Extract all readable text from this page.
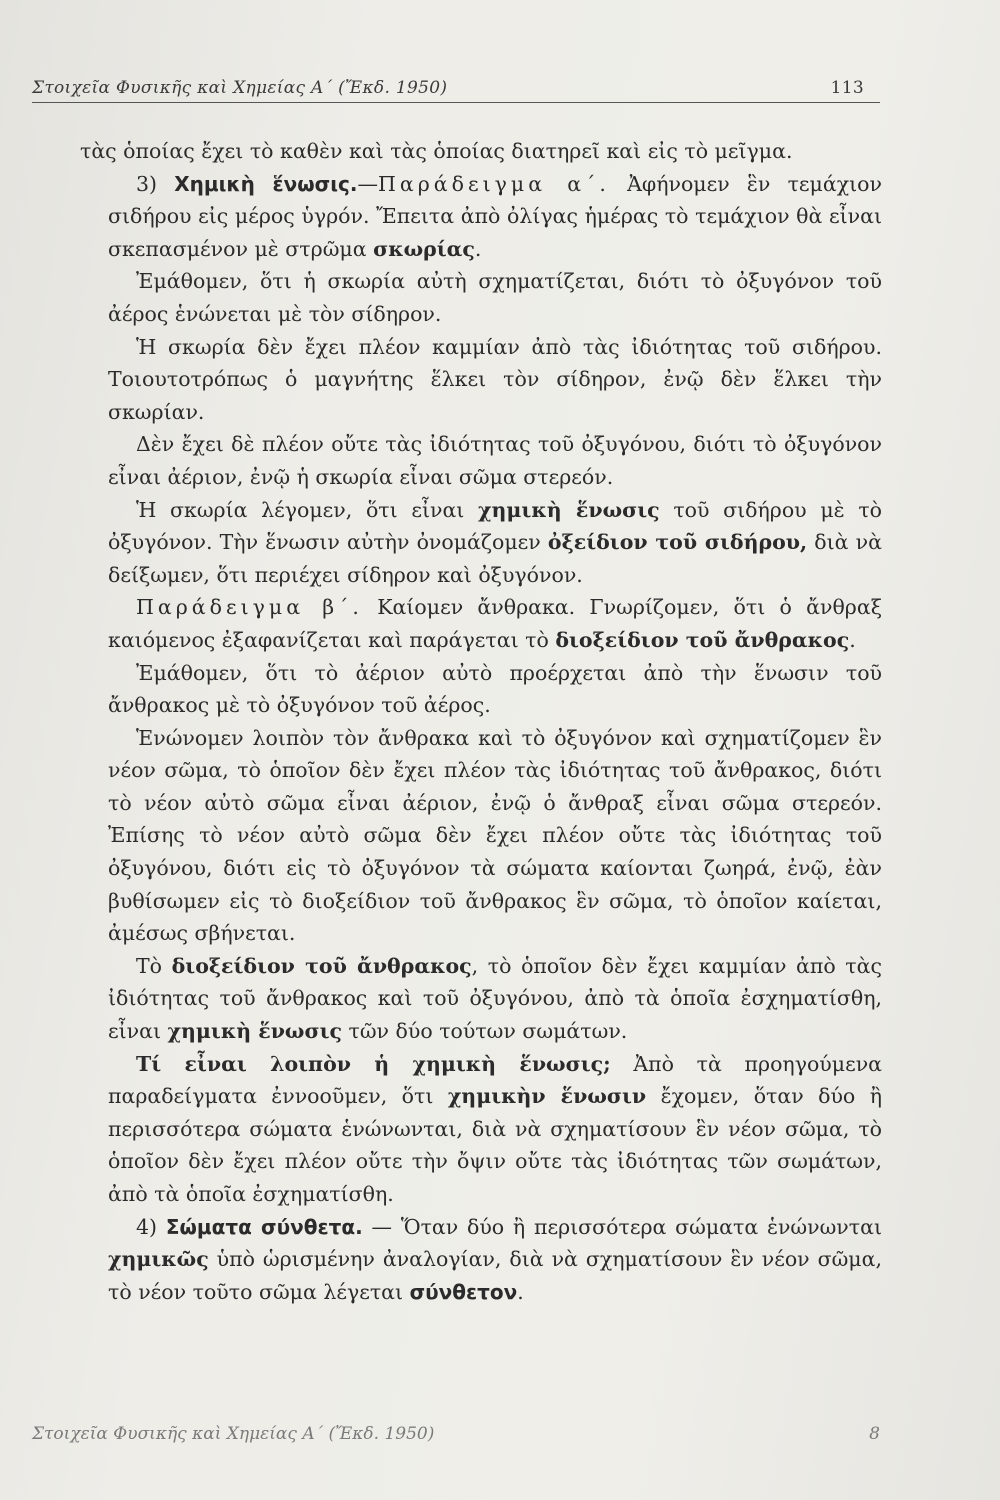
Στοιχεῖα Φυσικῆς καὶ Χημείας Α΄ (Ἔκδ. 1950)	113

τὰς ὁποίας ἔχει τὸ καθὲν καὶ τὰς ὁποίας διατηρεῖ καὶ εἰς τὸ μεῖγμα.

3) Χημικὴ ἕνωσις.—Παράδειγμα α΄. Ἀφήνομεν ἓν τεμάχιον σιδήρου εἰς μέρος ὑγρόν. Ἔπειτα ἀπὸ ὀλίγας ἡμέρας τὸ τεμάχιον θὰ εἶναι σκεπασμένον μὲ στρῶμα σκωρίας.

Ἐμάθομεν, ὅτι ἡ σκωρία αὐτὴ σχηματίζεται, διότι τὸ ὀξυγόνον τοῦ ἀέρος ἑνώνεται μὲ τὸν σίδηρον.

Ἡ σκωρία δὲν ἔχει πλέον καμμίαν ἀπὸ τὰς ἰδιότητας τοῦ σιδήρου. Τοιουτοτρόπως ὁ μαγνήτης ἕλκει τὸν σίδηρον, ἐνῷ δὲν ἕλκει τὴν σκωρίαν.

Δὲν ἔχει δὲ πλέον οὔτε τὰς ἰδιότητας τοῦ ὀξυγόνου, διότι τὸ ὀξυγόνον εἶναι ἀέριον, ἐνῷ ἡ σκωρία εἶναι σῶμα στερεόν.

Ἡ σκωρία λέγομεν, ὅτι εἶναι χημικὴ ἕνωσις τοῦ σιδήρου μὲ τὸ ὀξυγόνον. Τὴν ἕνωσιν αὐτὴν ὀνομάζομεν ὀξείδιον τοῦ σιδήρου, διὰ νὰ δείξωμεν, ὅτι περιέχει σίδηρον καὶ ὀξυγόνον.

Παράδειγμα β΄. Καίομεν ἄνθρακα. Γνωρίζομεν, ὅτι ὁ ἄνθραξ καιόμενος ἐξαφανίζεται καὶ παράγεται τὸ διοξείδιον τοῦ ἄνθρακος.

Ἐμάθομεν, ὅτι τὸ ἀέριον αὐτὸ προέρχεται ἀπὸ τὴν ἕνωσιν τοῦ ἄνθρακος μὲ τὸ ὀξυγόνον τοῦ ἀέρος.

Ἑνώνομεν λοιπὸν τὸν ἄνθρακα καὶ τὸ ὀξυγόνον καὶ σχηματίζομεν ἓν νέον σῶμα, τὸ ὁποῖον δὲν ἔχει πλέον τὰς ἰδιότητας τοῦ ἄνθρακος, διότι τὸ νέον αὐτὸ σῶμα εἶναι ἀέριον, ἐνῷ ὁ ἄνθραξ εἶναι σῶμα στερεόν. Ἐπίσης τὸ νέον αὐτὸ σῶμα δὲν ἔχει πλέον οὔτε τὰς ἰδιότητας τοῦ ὀξυγόνου, διότι εἰς τὸ ὀξυγόνον τὰ σώματα καίονται ζωηρά, ἐνῷ, ἐὰν βυθίσωμεν εἰς τὸ διοξείδιον τοῦ ἄνθρακος ἓν σῶμα, τὸ ὁποῖον καίεται, ἀμέσως σβήνεται.

Τὸ διοξείδιον τοῦ ἄνθρακος, τὸ ὁποῖον δὲν ἔχει καμμίαν ἀπὸ τὰς ἰδιότητας τοῦ ἄνθρακος καὶ τοῦ ὀξυγόνου, ἀπὸ τὰ ὁποῖα ἐσχηματίσθη, εἶναι χημικὴ ἕνωσις τῶν δύο τούτων σωμάτων.

Τί εἶναι λοιπὸν ἡ χημικὴ ἕνωσις; Ἀπὸ τὰ προηγούμενα παραδείγματα ἐννοοῦμεν, ὅτι χημικὴν ἕνωσιν ἔχομεν, ὅταν δύο ἢ περισσότερα σώματα ἑνώνωνται, διὰ νὰ σχηματίσουν ἓν νέον σῶμα, τὸ ὁποῖον δὲν ἔχει πλέον οὔτε τὴν ὄψιν οὔτε τὰς ἰδιότητας τῶν σωμάτων, ἀπὸ τὰ ὁποῖα ἐσχηματίσθη.

4) Σώματα σύνθετα. — Ὅταν δύο ἢ περισσότερα σώματα ἑνώνωνται χημικῶς ὑπὸ ὡρισμένην ἀναλογίαν, διὰ νὰ σχηματίσουν ἓν νέον σῶμα, τὸ νέον τοῦτο σῶμα λέγεται σύνθετον.

Στοιχεῖα Φυσικῆς καὶ Χημείας Α΄ (Ἔκδ. 1950)	8
